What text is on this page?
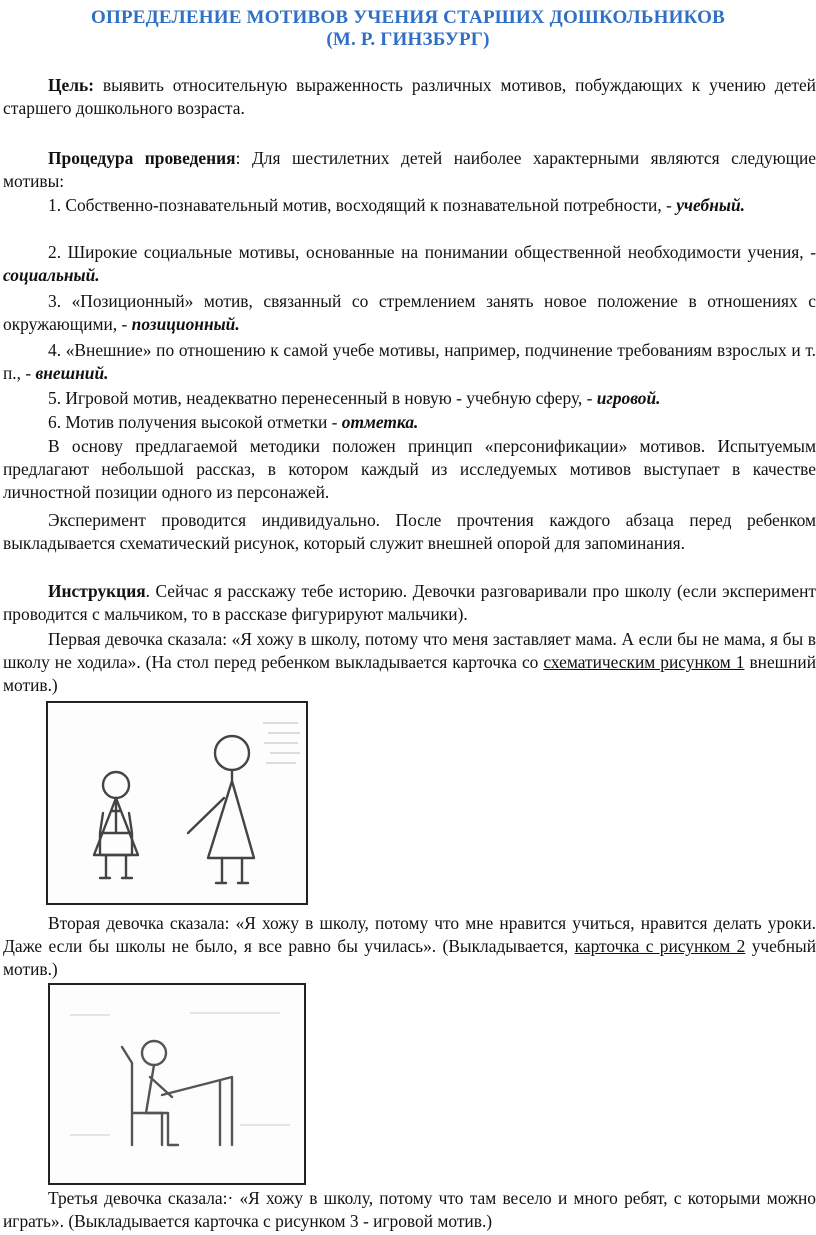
ОПРЕДЕЛЕНИЕ МОТИВОВ УЧЕНИЯ СТАРШИХ ДОШКОЛЬНИКОВ
(М. Р. ГИНЗБУРГ)

Цель: выявить относительную выраженность различных мотивов, побуждающих к учению детей старшего дошкольного возраста.

Процедура проведения: Для шестилетних детей наиболее характерными являются следующие мотивы:

1. Собственно-познавательный мотив, восходящий к познавательной потребности, - учебный.

2. Широкие социальные мотивы, основанные на понимании общественной необходимости учения, - социальный.

3. «Позиционный» мотив, связанный со стремлением занять новое положение в отношениях с окружающими, - позиционный.

4. «Внешние» по отношению к самой учебе мотивы, например, подчинение требованиям взрослых и т. п., - внешний.

5. Игровой мотив, неадекватно перенесенный в новую - учебную сферу, - игровой.

6. Мотив получения высокой отметки - отметка.

В основу предлагаемой методики положен принцип «персонификации» мотивов. Испытуемым предлагают небольшой рассказ, в котором каждый из исследуемых мотивов выступает в качестве личностной позиции одного из персонажей.

Эксперимент проводится индивидуально. После прочтения каждого абзаца перед ребенком выкладывается схематический рисунок, который служит внешней опорой для запоминания.

Инструкция. Сейчас я расскажу тебе историю. Девочки разговаривали про школу (если эксперимент проводится с мальчиком, то в рассказе фигурируют мальчики).

Первая девочка сказала: «Я хожу в школу, потому что меня заставляет мама. А если бы не мама, я бы в школу не ходила». (На стол перед ребенком выкладывается карточка со схематическим рисунком 1 внешний мотив.)

Вторая девочка сказала: «Я хожу в школу, потому что мне нравится учиться, нравится делать уроки. Даже если бы школы не было, я все равно бы училась». (Выкладывается, карточка с рисунком 2 учебный мотив.)

Третья девочка сказала:· «Я хожу в школу, потому что там весело и много ребят, с которыми можно играть». (Выкладывается карточка с рисунком 3 - игровой мотив.)
